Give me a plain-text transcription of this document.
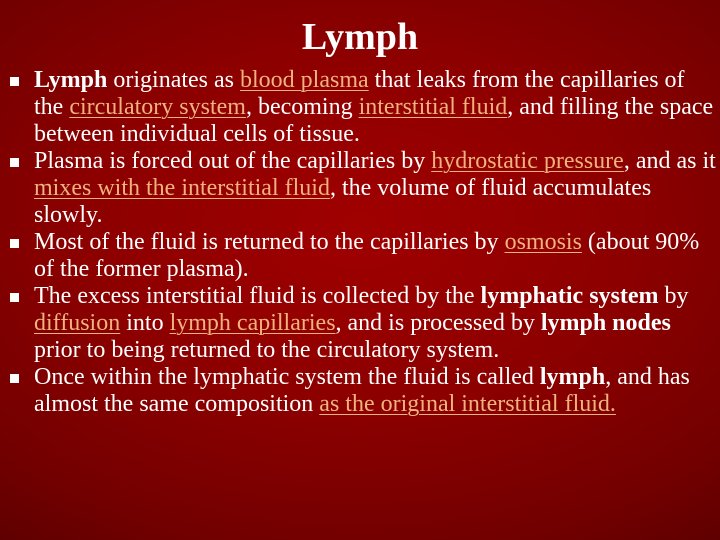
Lymph
Lymph originates as blood plasma that leaks from the capillaries of the circulatory system, becoming interstitial fluid, and filling the space between individual cells of tissue.
Plasma is forced out of the capillaries by hydrostatic pressure, and as it mixes with the interstitial fluid, the volume of fluid accumulates slowly.
Most of the fluid is returned to the capillaries by osmosis (about 90% of the former plasma).
The excess interstitial fluid is collected by the lymphatic system by diffusion into lymph capillaries, and is processed by lymph nodes prior to being returned to the circulatory system.
Once within the lymphatic system the fluid is called lymph, and has almost the same composition as the original interstitial fluid.
